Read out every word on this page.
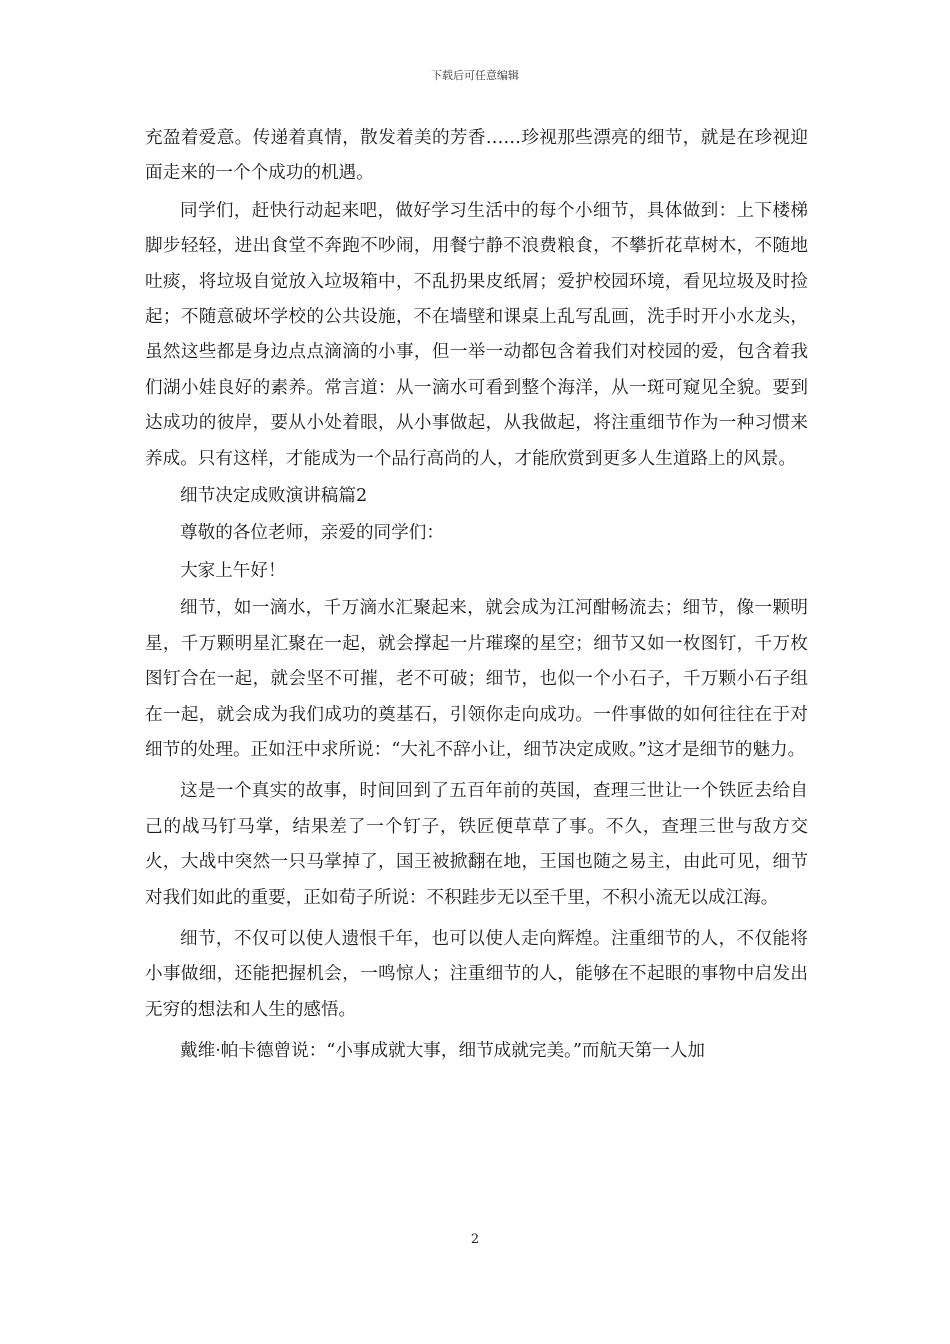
下载后可任意编辑

充盈着爱意。传递着真情，散发着美的芳香……珍视那些漂亮的细节，就是在珍视迎面走来的一个个成功的机遇。

同学们，赶快行动起来吧，做好学习生活中的每个小细节，具体做到：上下楼梯脚步轻轻，进出食堂不奔跑不吵闹，用餐宁静不浪费粮食，不攀折花草树木，不随地吐痰，将垃圾自觉放入垃圾箱中，不乱扔果皮纸屑；爱护校园环境，看见垃圾及时捡起；不随意破坏学校的公共设施，不在墙壁和课桌上乱写乱画，洗手时开小水龙头，虽然这些都是身边点点滴滴的小事，但一举一动都包含着我们对校园的爱，包含着我们湖小娃良好的素养。常言道：从一滴水可看到整个海洋，从一斑可窥见全貌。要到达成功的彼岸，要从小处着眼，从小事做起，从我做起，将注重细节作为一种习惯来养成。只有这样，才能成为一个品行高尚的人，才能欣赏到更多人生道路上的风景。

细节决定成败演讲稿篇2

尊敬的各位老师，亲爱的同学们：

大家上午好！

细节，如一滴水，千万滴水汇聚起来，就会成为江河酣畅流去；细节，像一颗明星，千万颗明星汇聚在一起，就会撑起一片璀璨的星空；细节又如一枚图钉，千万枚图钉合在一起，就会坚不可摧，老不可破；细节，也似一个小石子，千万颗小石子组在一起，就会成为我们成功的奠基石，引领你走向成功。一件事做的如何往往在于对细节的处理。正如汪中求所说：“大礼不辞小让，细节决定成败。”这才是细节的魅力。

这是一个真实的故事，时间回到了五百年前的英国，查理三世让一个铁匠去给自己的战马钉马掌，结果差了一个钉子，铁匠便草草了事。不久，查理三世与敌方交火，大战中突然一只马掌掉了，国王被掀翻在地，王国也随之易主，由此可见，细节对我们如此的重要，正如荀子所说：不积跬步无以至千里，不积小流无以成江海。

细节，不仅可以使人遗恨千年，也可以使人走向辉煌。注重细节的人，不仅能将小事做细，还能把握机会，一鸣惊人；注重细节的人，能够在不起眼的事物中启发出无穷的想法和人生的感悟。

戴维·帕卡德曾说：“小事成就大事，细节成就完美。”而航天第一人加

2
